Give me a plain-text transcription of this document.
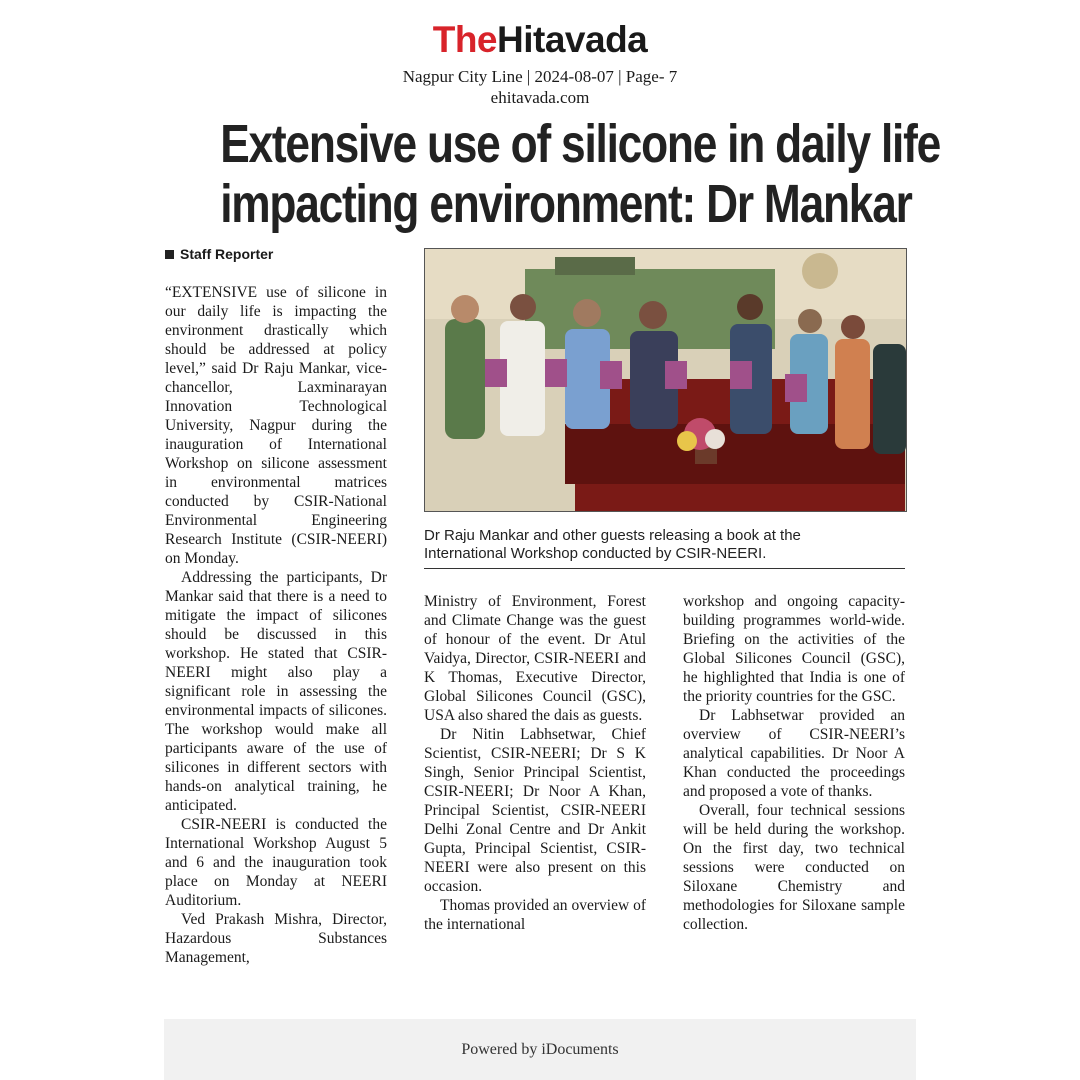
TheHitavada
Nagpur City Line | 2024-08-07 | Page- 7
ehitavada.com
Extensive use of silicone in daily life
impacting environment: Dr Mankar
Staff Reporter

“EXTENSIVE use of silicone in our daily life is impacting the environment drastically which should be addressed at policy level,” said Dr Raju Mankar, vice-chancellor, Laxminarayan Innovation Technological University, Nagpur during the inauguration of International Workshop on silicone assessment in environmental matrices conducted by CSIR-National Environmental Engineering Research Institute (CSIR-NEERI) on Monday.

Addressing the participants, Dr Mankar said that there is a need to mitigate the impact of silicones should be discussed in this workshop. He stated that CSIR-NEERI might also play a significant role in assessing the environmental impacts of silicones. The workshop would make all participants aware of the use of silicones in different sectors with hands-on analytical training, he anticipated.

CSIR-NEERI is conducted the International Workshop August 5 and 6 and the inauguration took place on Monday at NEERI Auditorium.

Ved Prakash Mishra, Director, Hazardous Substances Management,

Dr Raju Mankar and other guests releasing a book at the
International Workshop conducted by CSIR-NEERI.

Ministry of Environment, Forest and Climate Change was the guest of honour of the event. Dr Atul Vaidya, Director, CSIR-NEERI and K Thomas, Executive Director, Global Silicones Council (GSC), USA also shared the dais as guests.

Dr Nitin Labhsetwar, Chief Scientist, CSIR-NEERI; Dr S K Singh, Senior Principal Scientist, CSIR-NEERI; Dr Noor A Khan, Principal Scientist, CSIR-NEERI Delhi Zonal Centre and Dr Ankit Gupta, Principal Scientist, CSIR-NEERI were also present on this occasion.

Thomas provided an overview of the international

workshop and ongoing capacity-building programmes world-wide. Briefing on the activities of the Global Silicones Council (GSC), he highlighted that India is one of the priority countries for the GSC.

Dr Labhsetwar provided an overview of CSIR-NEERI’s analytical capabilities. Dr Noor A Khan conducted the proceedings and proposed a vote of thanks.

Overall, four technical sessions will be held during the workshop. On the first day, two technical sessions were conducted on Siloxane Chemistry and methodologies for Siloxane sample collection.

Powered by iDocuments
